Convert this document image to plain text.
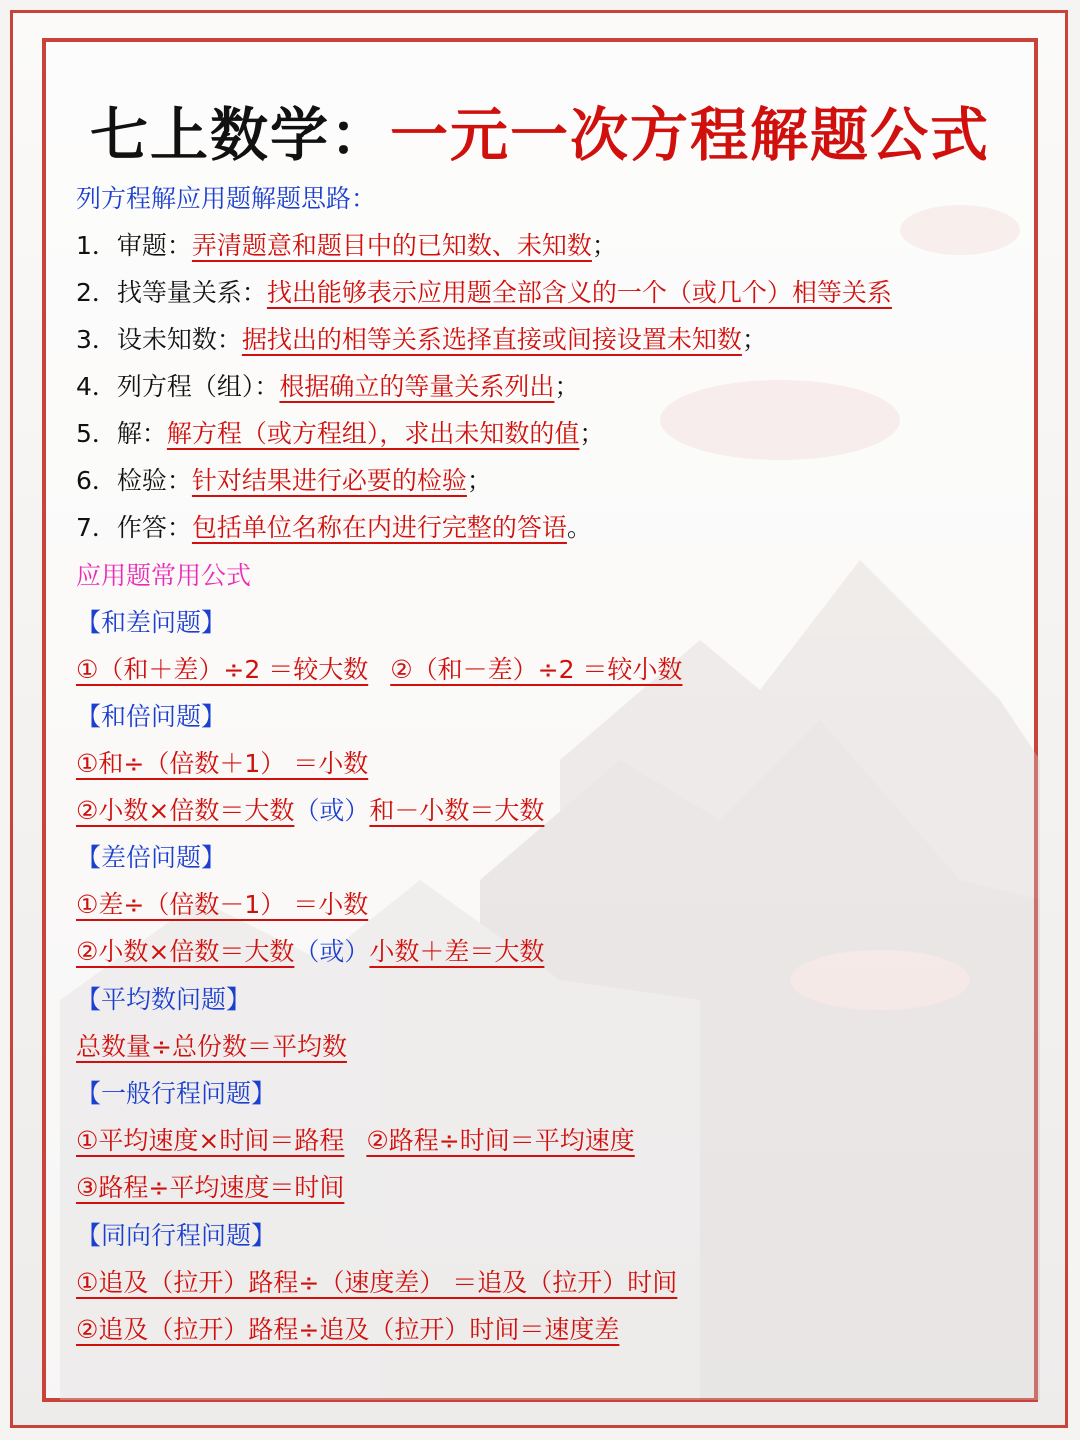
七上数学：一元一次方程解题公式
列方程解应用题解题思路：
1．审题：弄清题意和题目中的已知数、未知数；
2．找等量关系：找出能够表示应用题全部含义的一个（或几个）相等关系
3．设未知数：据找出的相等关系选择直接或间接设置未知数；
4．列方程（组）：根据确立的等量关系列出；
5．解：解方程（或方程组），求出未知数的值；
6．检验：针对结果进行必要的检验；
7．作答：包括单位名称在内进行完整的答语。
应用题常用公式
【和差问题】
①（和＋差）÷2 ＝较大数 ②（和－差）÷2 ＝较小数
【和倍问题】
①和÷（倍数＋1） ＝小数
②小数×倍数＝大数（或）和－小数＝大数
【差倍问题】
①差÷（倍数－1） ＝小数
②小数×倍数＝大数（或）小数＋差＝大数
【平均数问题】
总数量÷总份数＝平均数
【一般行程问题】
①平均速度×时间＝路程 ②路程÷时间＝平均速度
③路程÷平均速度＝时间
【同向行程问题】
①追及（拉开）路程÷（速度差） ＝追及（拉开）时间
②追及（拉开）路程÷追及（拉开）时间＝速度差
